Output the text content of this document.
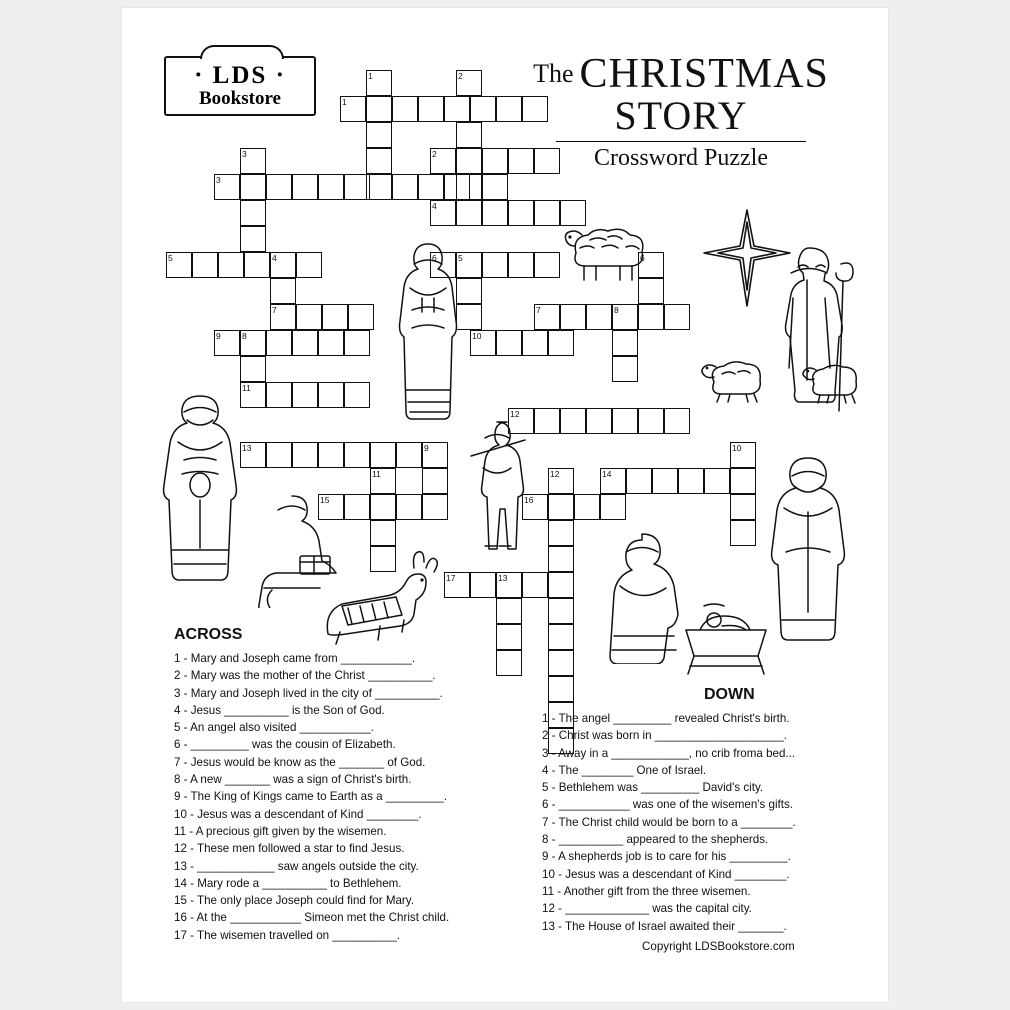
· LDS ·
Bookstore
The CHRISTMAS
STORY
Crossword Puzzle
1
1	2
2
3
3
4
5	4	6	5	6
7	7	8
10
9	8
11
12
13	9
14
10
15
11
16
12
17	13
ACROSS
1 - Mary and Joseph came from ___________.
2 - Mary was the mother of the Christ __________.
3 - Mary and Joseph lived in the city of __________.
4 - Jesus __________ is the Son of God.
5 - An angel also visited ___________.
6 - _________ was the cousin of Elizabeth.
7 - Jesus would be know as the _______ of God.
8 - A new _______ was a sign of Christ's birth.
9 - The King of Kings came to Earth as a _________.
10 - Jesus was a descendant of Kind ________.
11 - A precious gift given by the wisemen.
12 - These men followed a star to find Jesus.
13 - ____________ saw angels outside the city.
14 - Mary rode a __________ to Bethlehem.
15 - The only place Joseph could find for Mary.
16 - At the ___________ Simeon met the Christ child.
17 - The wisemen travelled on __________.
DOWN
1 - The angel _________ revealed Christ's birth.
2 - Christ was born in ____________________.
3 - Away in a ____________, no crib froma bed...
4 - The ________ One of Israel.
5 - Bethlehem was _________ David's city.
6 - ___________ was one of the wisemen's gifts.
7 - The Christ child would be born to a ________.
8 - __________ appeared to the shepherds.
9 - A shepherds job is to care for his _________.
10 - Jesus was a descendant of Kind ________.
11 - Another gift from the three wisemen.
12 - _____________ was the capital city.
13 - The House of Israel awaited their _______.
Copyright LDSBookstore.com
